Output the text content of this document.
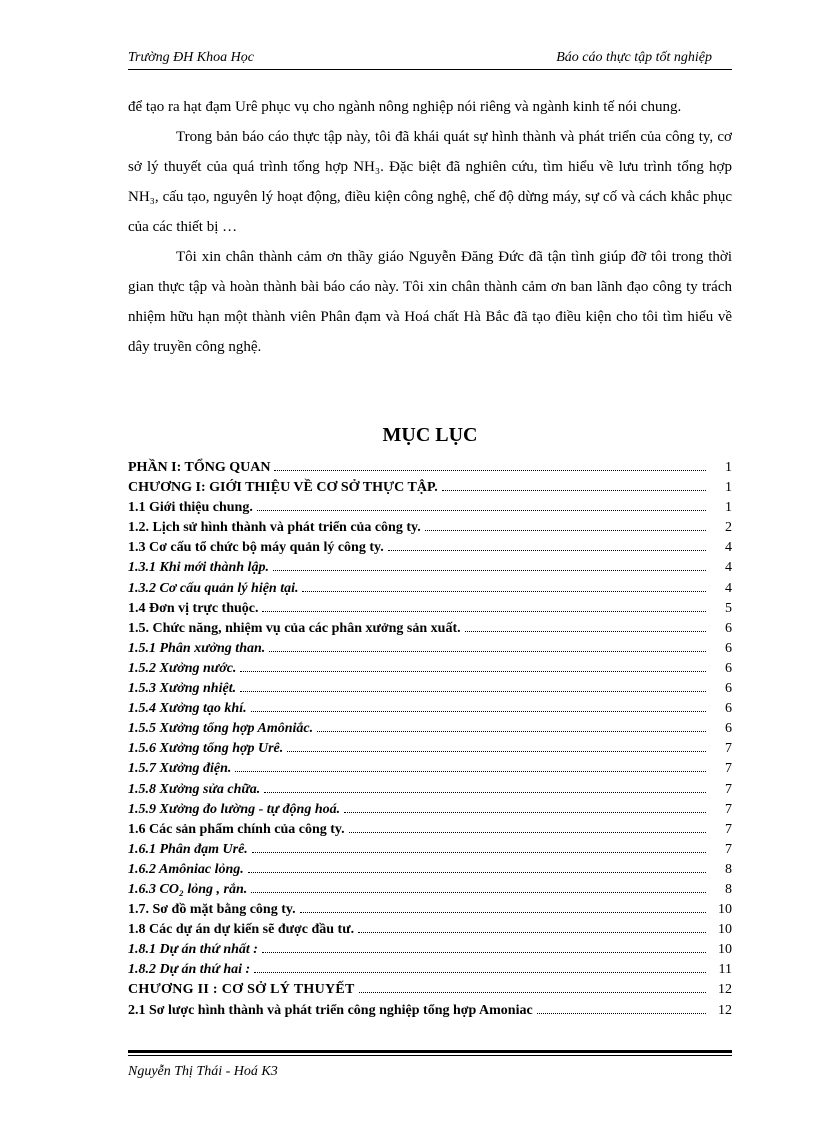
Trường ĐH Khoa Học	Báo cáo thực tập tốt nghiệp

để tạo ra hạt đạm Urê phục vụ cho ngành nông nghiệp nói riêng và ngành kinh tế nói chung.

Trong bản báo cáo thực tập này, tôi đã khái quát sự hình thành và phát triển của công ty, cơ sở lý thuyết của quá trình tổng hợp NH₃. Đặc biệt đã nghiên cứu, tìm hiểu về lưu trình tổng hợp NH₃, cấu tạo, nguyên lý hoạt động, điều kiện công nghệ, chế độ dừng máy, sự cố và cách khắc phục của các thiết bị …

Tôi xin chân thành cảm ơn thầy giáo Nguyễn Đăng Đức đã tận tình giúp đỡ tôi trong thời gian thực tập và hoàn thành bài báo cáo này. Tôi xin chân thành cảm ơn ban lãnh đạo công ty trách nhiệm hữu hạn một thành viên Phân đạm và Hoá chất Hà Bắc đã tạo điều kiện cho tôi tìm hiểu về dây truyền công nghệ.

MỤC LỤC
PHẦN I: TỔNG QUAN	1
CHƯƠNG I: GIỚI THIỆU VỀ CƠ SỞ THỰC TẬP.	1
1.1 Giới thiệu chung.	1
1.2. Lịch sử hình thành và phát triển của công ty.	2
1.3 Cơ cấu tổ chức bộ máy quản lý công ty.	4
1.3.1 Khi mới thành lập.	4
1.3.2 Cơ cấu quản lý hiện tại.	4
1.4 Đơn vị trực thuộc.	5
1.5. Chức năng, nhiệm vụ của các phân xưởng sản xuất.	6
1.5.1 Phân xưởng than.	6
1.5.2 Xưởng nước.	6
1.5.3 Xưởng nhiệt.	6
1.5.4 Xưởng tạo khí.	6
1.5.5 Xưởng tổng hợp Amôniắc.	6
1.5.6 Xưởng tổng hợp Urê.	7
1.5.7 Xưởng điện.	7
1.5.8 Xưởng sửa chữa.	7
1.5.9 Xưởng đo lường - tự động hoá.	7
1.6 Các sản phẩm chính của công ty.	7
1.6.1 Phân đạm Urê.	7
1.6.2 Amôniac lỏng.	8
1.6.3 CO₂ lỏng , rắn.	8
1.7. Sơ đồ mặt bằng công ty.	10
1.8 Các dự án dự kiến sẽ được đầu tư.	10
1.8.1 Dự án thứ nhất :	10
1.8.2 Dự án thứ hai :	11
CHƯƠNG II : CƠ SỞ LÝ THUYẾT	12
2.1 Sơ lược hình thành và phát triển công nghiệp tổng hợp Amoniac	12
Nguyễn Thị Thái - Hoá K3
